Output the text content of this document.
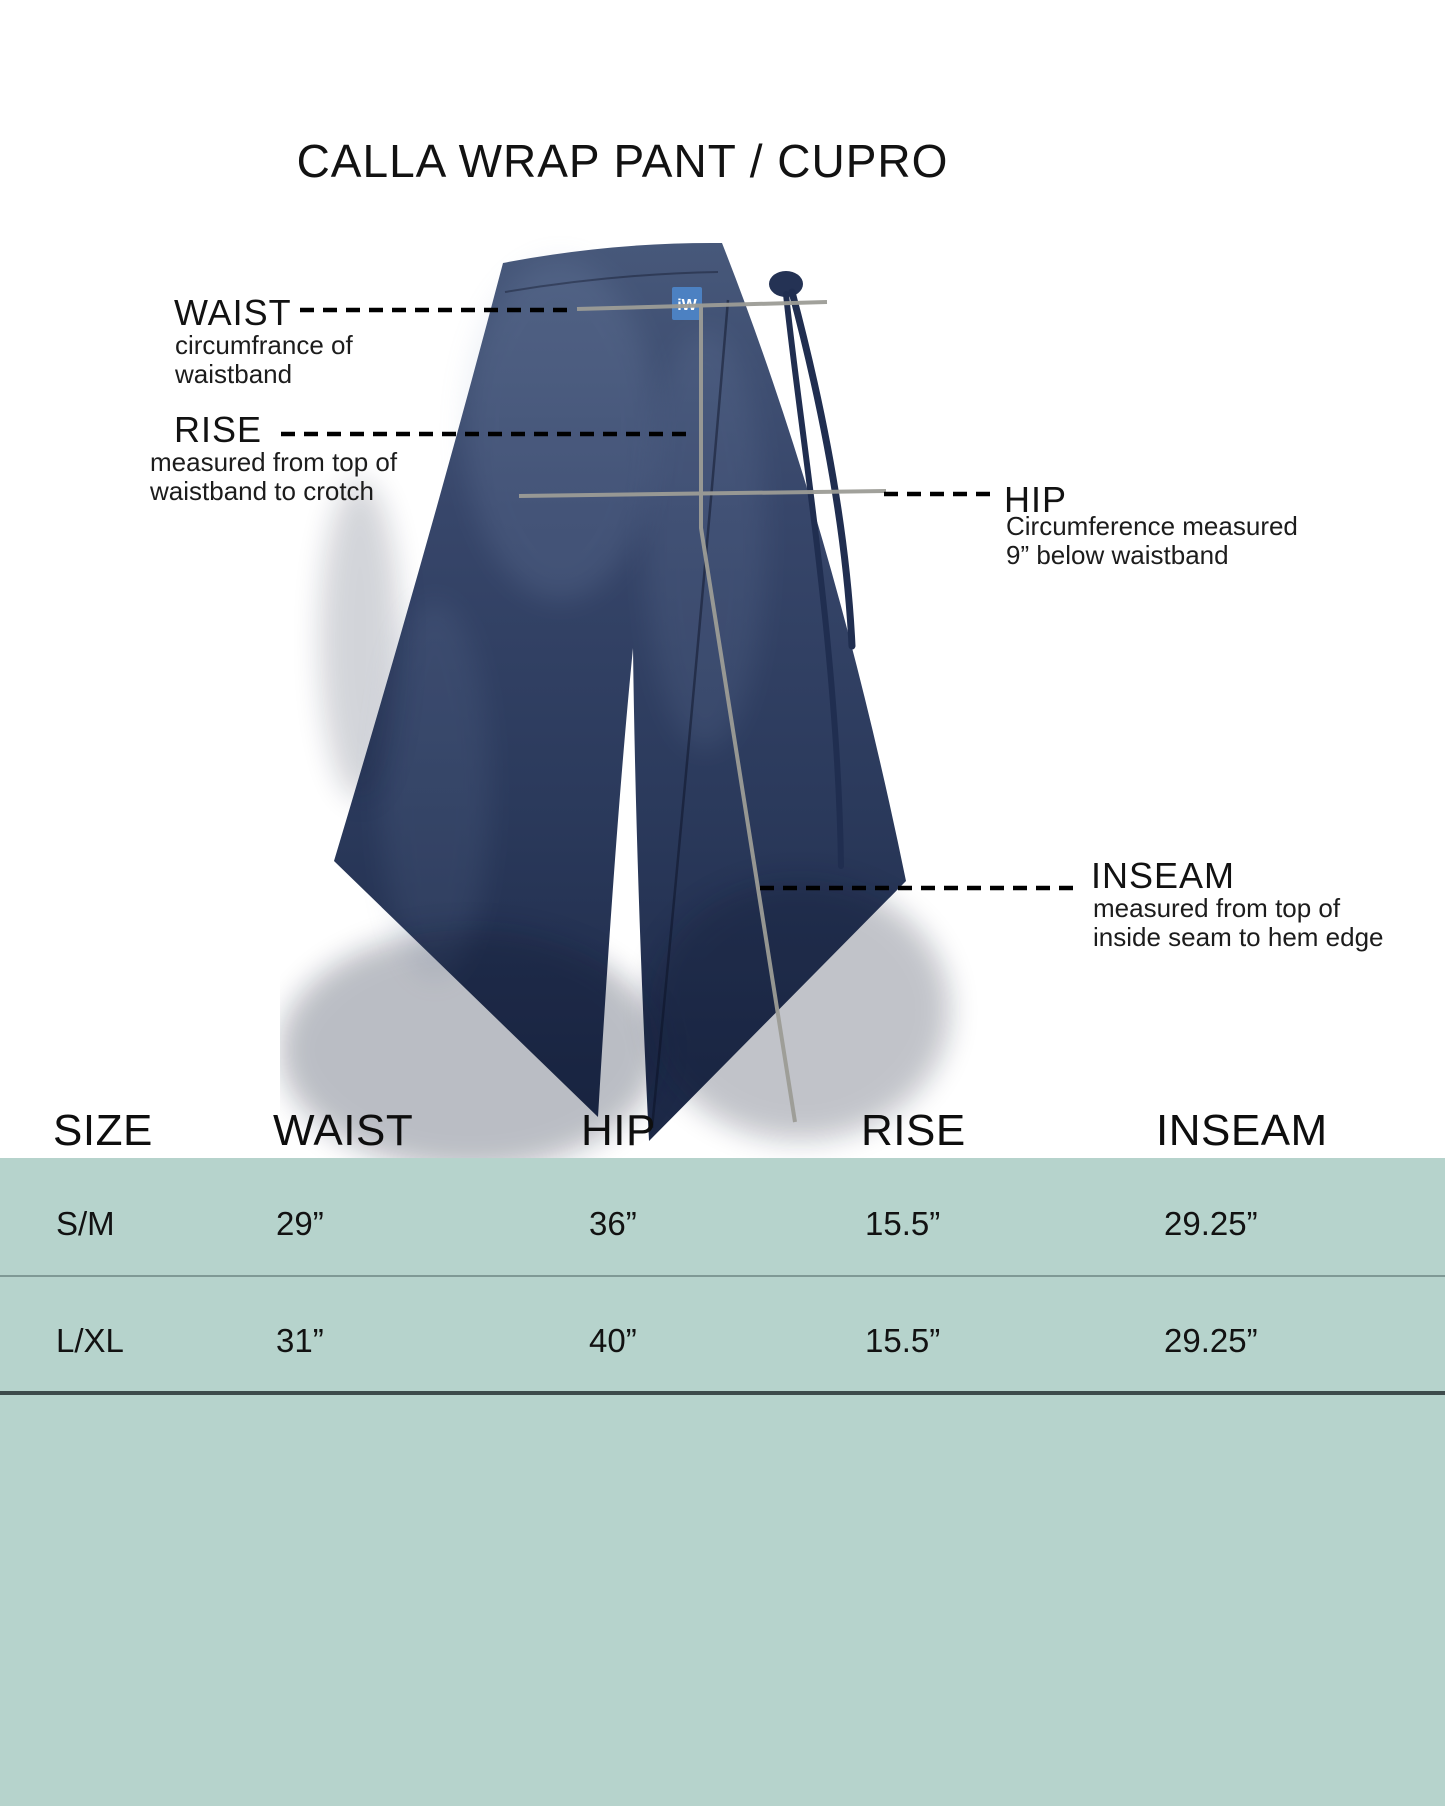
CALLA WRAP PANT / CUPRO
iW
WAIST
circumfrance of
waistband
RISE
measured from top of
waistband to crotch	HIP
Circumference measured
9” below waistband
INSEAM
measured from top of
inside seam to hem edge
SIZE	WAIST	HIP	RISE	INSEAM
S/M	29”	36”	15.5”	29.25”
L/XL	31”	40”	15.5”	29.25”
